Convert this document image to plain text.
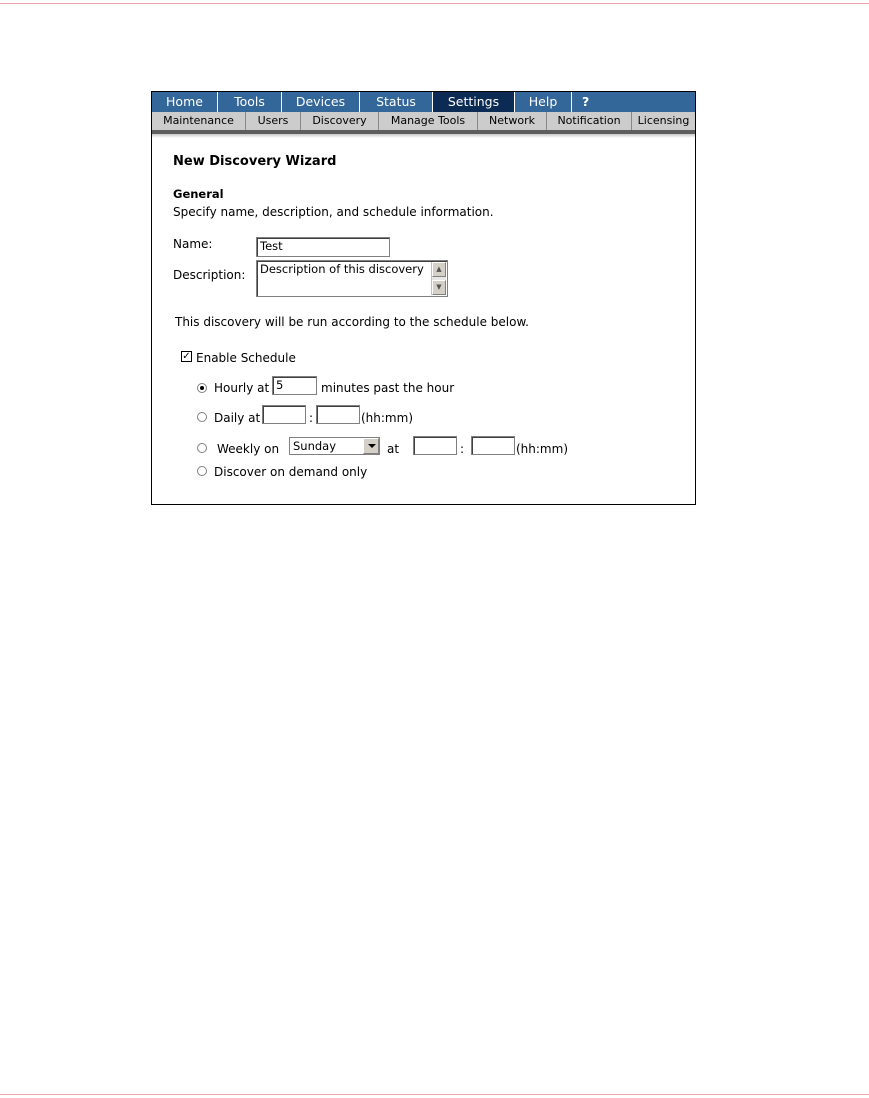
Home	Tools	Devices	Status	Settings	Help	?
Maintenance	Users	Discovery	Manage Tools	Network	Notification	Licensing
New Discovery Wizard
General
Specify name, description, and schedule information.
Name:	Test
Description:	Description of this discovery	▲
▼
This discovery will be run according to the schedule below.
✓ Enable Schedule
Hourly at 5	minutes past the hour
Daily at	:	(hh:mm)
Weekly on	Sunday	at	:	(hh:mm)
Discover on demand only
